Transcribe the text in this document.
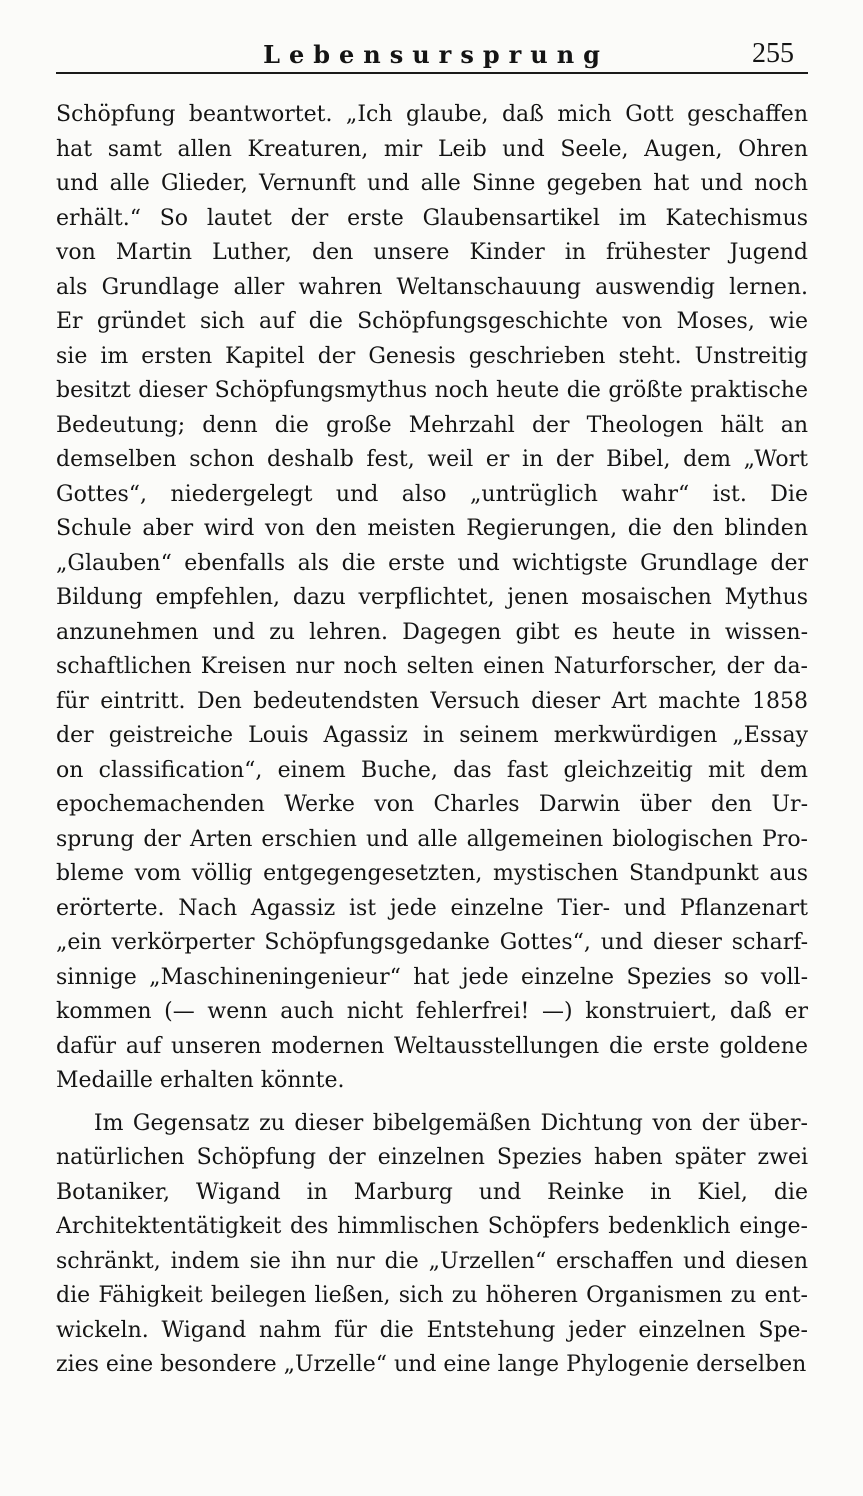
Lebensursprung	255
Schöpfung beantwortet. „Ich glaube, daß mich Gott geschaffen
hat samt allen Kreaturen, mir Leib und Seele, Augen, Ohren
und alle Glieder, Vernunft und alle Sinne gegeben hat und noch
erhält.“ So lautet der erste Glaubensartikel im Katechismus
von Martin Luther, den unsere Kinder in frühester Jugend
als Grundlage aller wahren Weltanschauung auswendig lernen.
Er gründet sich auf die Schöpfungsgeschichte von Moses, wie
sie im ersten Kapitel der Genesis geschrieben steht. Unstreitig
besitzt dieser Schöpfungsmythus noch heute die größte praktische
Bedeutung; denn die große Mehrzahl der Theologen hält an
demselben schon deshalb fest, weil er in der Bibel, dem „Wort
Gottes“, niedergelegt und also „untrüglich wahr“ ist. Die
Schule aber wird von den meisten Regierungen, die den blinden
„Glauben“ ebenfalls als die erste und wichtigste Grundlage der
Bildung empfehlen, dazu verpflichtet, jenen mosaischen Mythus
anzunehmen und zu lehren. Dagegen gibt es heute in wissen-
schaftlichen Kreisen nur noch selten einen Naturforscher, der da-
für eintritt. Den bedeutendsten Versuch dieser Art machte 1858
der geistreiche Louis Agassiz in seinem merkwürdigen „Essay
on classification“, einem Buche, das fast gleichzeitig mit dem
epochemachenden Werke von Charles Darwin über den Ur-
sprung der Arten erschien und alle allgemeinen biologischen Pro-
bleme vom völlig entgegengesetzten, mystischen Standpunkt aus
erörterte. Nach Agassiz ist jede einzelne Tier- und Pflanzenart
„ein verkörperter Schöpfungsgedanke Gottes“, und dieser scharf-
sinnige „Maschineningenieur“ hat jede einzelne Spezies so voll-
kommen (— wenn auch nicht fehlerfrei! —) konstruiert, daß er
dafür auf unseren modernen Weltausstellungen die erste goldene
Medaille erhalten könnte.
Im Gegensatz zu dieser bibelgemäßen Dichtung von der über-
natürlichen Schöpfung der einzelnen Spezies haben später zwei
Botaniker, Wigand in Marburg und Reinke in Kiel, die
Architektentätigkeit des himmlischen Schöpfers bedenklich einge-
schränkt, indem sie ihn nur die „Urzellen“ erschaffen und diesen
die Fähigkeit beilegen ließen, sich zu höheren Organismen zu ent-
wickeln. Wigand nahm für die Entstehung jeder einzelnen Spe-
zies eine besondere „Urzelle“ und eine lange Phylogenie derselben
